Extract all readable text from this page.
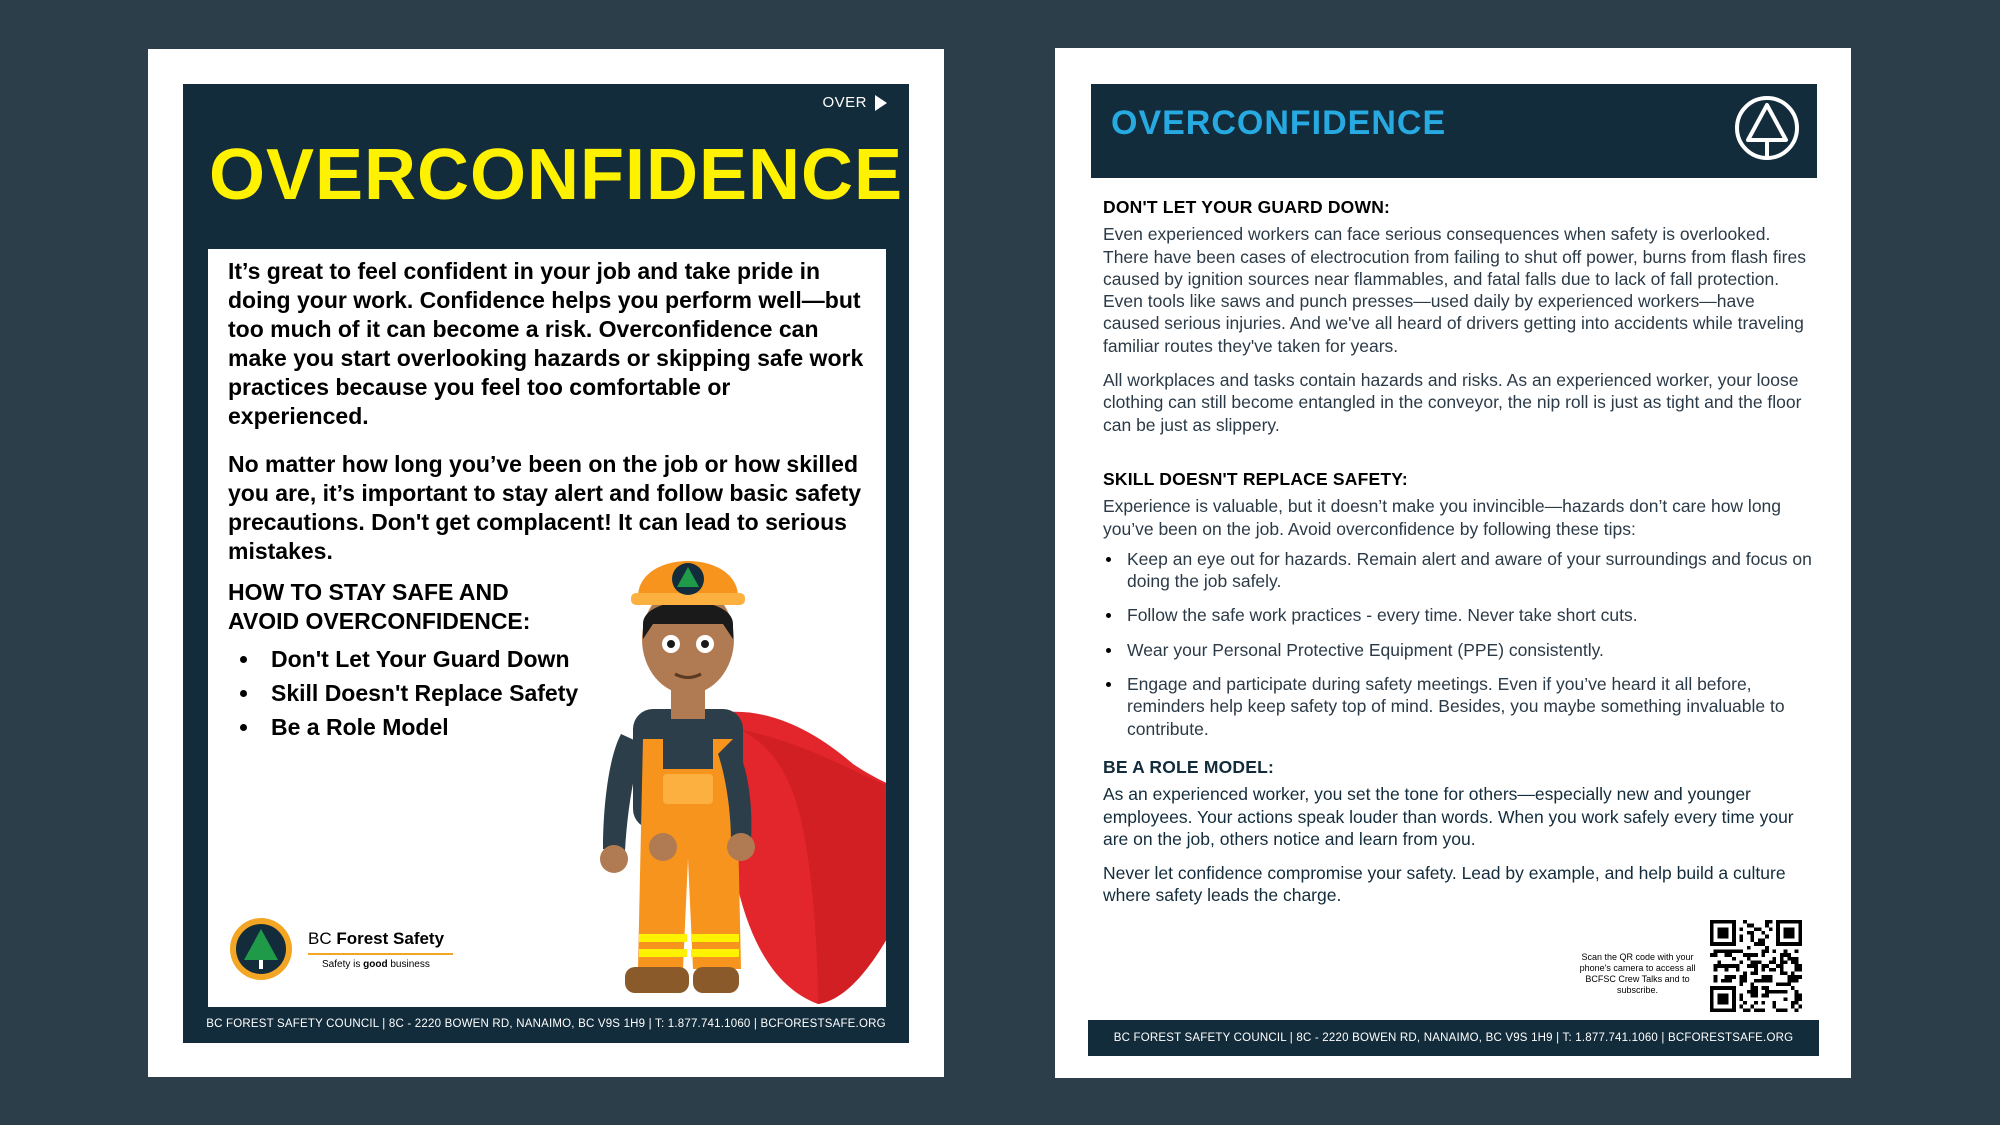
OVER
OVERCONFIDENCE

It’s great to feel confident in your job and take pride in doing your work. Confidence helps you perform well—but too much of it can become a risk. Overconfidence can make you start overlooking hazards or skipping safe work practices because you feel too comfortable or experienced.

No matter how long you’ve been on the job or how skilled you are, it’s important to stay alert and follow basic safety precautions. Don't get complacent! It can lead to serious mistakes.

HOW TO STAY SAFE AND
AVOID OVERCONFIDENCE:
Don't Let Your Guard Down
Skill Doesn't Replace Safety
Be a Role Model
BC Forest Safety
Safety is good business
BC FOREST SAFETY COUNCIL | 8C - 2220 BOWEN RD, NANAIMO, BC V9S 1H9 | T: 1.877.741.1060 | BCFORESTSAFE.ORG
OVERCONFIDENCE
DON'T LET YOUR GUARD DOWN:

Even experienced workers can face serious consequences when safety is overlooked. There have been cases of electrocution from failing to shut off power, burns from flash fires caused by ignition sources near flammables, and fatal falls due to lack of fall protection. Even tools like saws and punch presses—used daily by experienced workers—have caused serious injuries. And we've all heard of drivers getting into accidents while traveling familiar routes they've taken for years.

All workplaces and tasks contain hazards and risks. As an experienced worker, your loose clothing can still become entangled in the conveyor, the nip roll is just as tight and the floor can be just as slippery.

SKILL DOESN'T REPLACE SAFETY:

Experience is valuable, but it doesn’t make you invincible—hazards don’t care how long you’ve been on the job. Avoid overconfidence by following these tips:

Keep an eye out for hazards. Remain alert and aware of your surroundings and focus on doing the job safely.
Follow the safe work practices - every time. Never take short cuts.
Wear your Personal Protective Equipment (PPE) consistently.
Engage and participate during safety meetings. Even if you’ve heard it all before, reminders help keep safety top of mind. Besides, you maybe something invaluable to contribute.
BE A ROLE MODEL:

As an experienced worker, you set the tone for others—especially new and younger employees. Your actions speak louder than words. When you work safely every time your are on the job, others notice and learn from you.

Never let confidence compromise your safety. Lead by example, and help build a culture where safety leads the charge.

Scan the QR code with your phone's camera to access all BCFSC Crew Talks and to subscribe.
BC FOREST SAFETY COUNCIL | 8C - 2220 BOWEN RD, NANAIMO, BC V9S 1H9 | T: 1.877.741.1060 | BCFORESTSAFE.ORG
